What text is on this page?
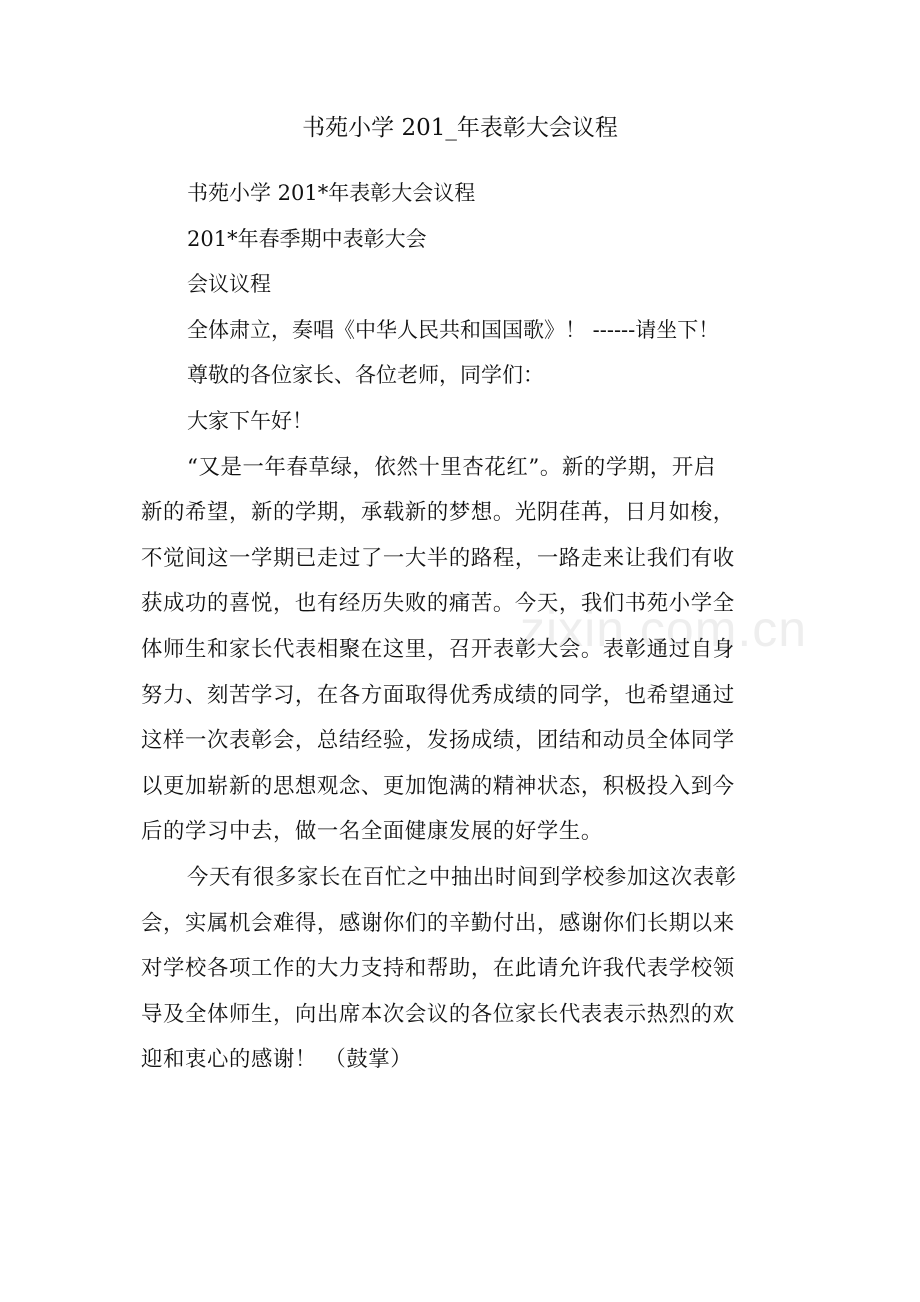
zixin.com.cn
书苑小学 201_年表彰大会议程

书苑小学 201*年表彰大会议程

201*年春季期中表彰大会

会议议程

全体肃立，奏唱《中华人民共和国国歌》！ ------请坐下！

尊敬的各位家长、各位老师，同学们：

大家下午好！

“又是一年春草绿，依然十里杏花红”。新的学期，开启

新的希望，新的学期，承载新的梦想。光阴荏苒，日月如梭，

不觉间这一学期已走过了一大半的路程，一路走来让我们有收

获成功的喜悦，也有经历失败的痛苦。今天，我们书苑小学全

体师生和家长代表相聚在这里，召开表彰大会。表彰通过自身

努力、刻苦学习，在各方面取得优秀成绩的同学，也希望通过

这样一次表彰会，总结经验，发扬成绩，团结和动员全体同学

以更加崭新的思想观念、更加饱满的精神状态，积极投入到今

后的学习中去，做一名全面健康发展的好学生。

今天有很多家长在百忙之中抽出时间到学校参加这次表彰

会，实属机会难得，感谢你们的辛勤付出，感谢你们长期以来

对学校各项工作的大力支持和帮助，在此请允许我代表学校领

导及全体师生，向出席本次会议的各位家长代表表示热烈的欢

迎和衷心的感谢！ （鼓掌）
